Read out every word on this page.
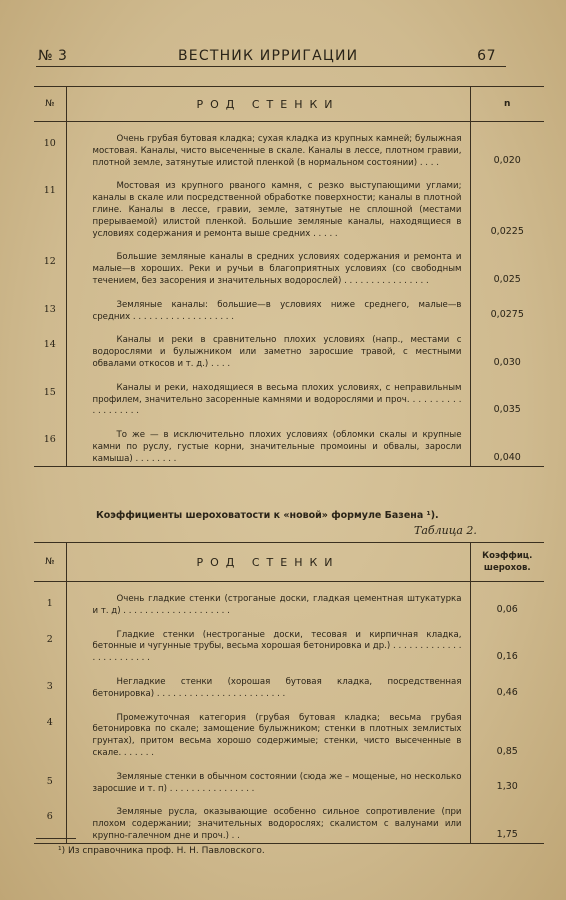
№ 3	ВЕСТНИК ИРРИГАЦИИ	67
№	РОД СТЕНКИ	n
10	Очень грубая бутовая кладка; сухая кладка из крупных камней; булыжная мостовая. Каналы, чисто высеченные в скале. Каналы в лессе, плотном гравии, плотной земле, затянутые илистой пленкой (в нормальном состоянии) . . . .	0,020
11	Мостовая из крупного рваного камня, с резко выступающими углами; каналы в скале или посредственной обработке поверхности; каналы в плотной глине. Каналы в лессе, гравии, земле, затянутые не сплошной (местами прерываемой) илистой пленкой. Большие земляные каналы, находящиеся в условиях содержания и ремонта выше средних . . . . .	0,0225
12	Большие земляные каналы в средних условиях содержания и ремонта и малые—в хороших. Реки и ручьи в благоприятных условиях (со свободным течением, без засорения и значительных водорослей) . . . . . . . . . . . . . . . .	0,025
13	Земляные каналы: большие—в условиях ниже среднего, малые—в средних . . . . . . . . . . . . . . . . . . .	0,0275
14	Каналы и реки в сравнительно плохих условиях (напр., местами с водорослями и булыжником или заметно заросшие травой, с местными обвалами откосов и т. д.) . . . .	0,030
15	Каналы и реки, находящиеся в весьма плохих условиях, с неправильным профилем, значительно засоренные камнями и водорослями и проч. . . . . . . . . . . . . . . . . . .	0,035
16	То же — в исключительно плохих условиях (обломки скалы и крупные камни по руслу, густые корни, значительные промоины и обвалы, заросли камыша) . . . . . . . .	0,040
Коэффициенты шероховатости к «новой» формуле Базена ¹).
Таблица 2.
№	РОД СТЕНКИ	Коэффиц.
шерохов.

1	Очень гладкие стенки (строганые доски, гладкая цементная штукатурка и т. д) . . . . . . . . . . . . . . . . . . . .	0,06
2	Гладкие стенки (нестроганые доски, тесовая и кирпичная кладка, бетонные и чугунные трубы, весьма хорошая бетонировка и др.) . . . . . . . . . . . . . . . . . . . . . . . .	0,16
3	Негладкие стенки (хорошая бутовая кладка, посредственная бетонировка) . . . . . . . . . . . . . . . . . . . . . . . .	0,46
4	Промежуточная категория (грубая бутовая кладка; весьма грубая бетонировка по скале; замощение булыжником; стенки в плотных землистых грунтах), притом весьма хорошо содержимые; стенки, чисто высеченные в скале. . . . . . .	0,85
5	Земляные стенки в обычном состоянии (сюда же – мощеные, но несколько заросшие и т. п) . . . . . . . . . . . . . . . .	1,30
6	Земляные русла, оказывающие особенно сильное сопротивление (при плохом содержании; значительных водорослях; скалистом с валунами или крупно-галечном дне и проч.) . .	1,75
¹) Из справочника проф. Н. Н. Павловского.
